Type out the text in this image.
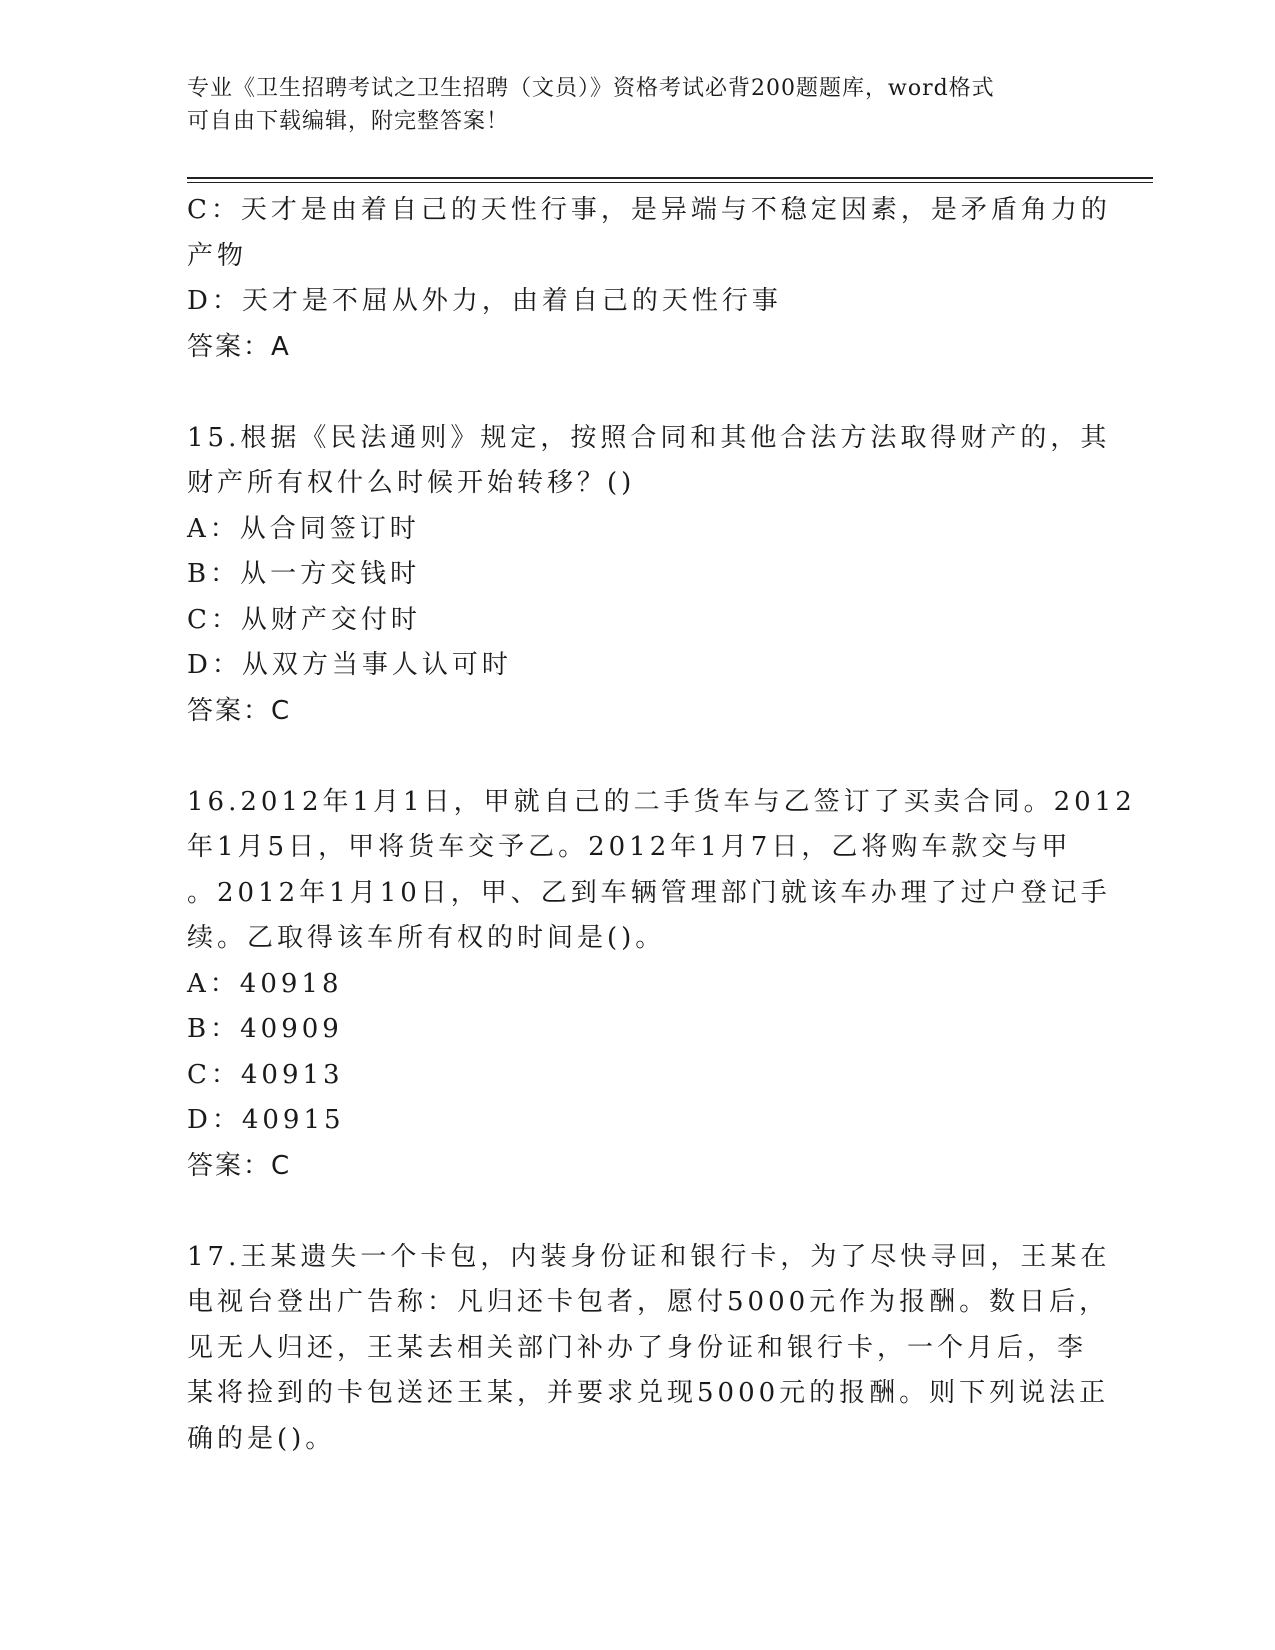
专业《卫生招聘考试之卫生招聘（文员）》资格考试必背200题题库，word格式
可自由下载编辑，附完整答案！
C：天才是由着自己的天性行事，是异端与不稳定因素，是矛盾角力的
产物
D：天才是不屈从外力，由着自己的天性行事
答案：A
15.根据《民法通则》规定，按照合同和其他合法方法取得财产的，其
财产所有权什么时候开始转移？()
A：从合同签订时
B：从一方交钱时
C：从财产交付时
D：从双方当事人认可时
答案：C
16.2012年1月1日，甲就自己的二手货车与乙签订了买卖合同。2012
年1月5日，甲将货车交予乙。2012年1月7日，乙将购车款交与甲
。2012年1月10日，甲、乙到车辆管理部门就该车办理了过户登记手
续。乙取得该车所有权的时间是()。
A：40918
B：40909
C：40913
D：40915
答案：C
17.王某遗失一个卡包，内装身份证和银行卡，为了尽快寻回，王某在
电视台登出广告称：凡归还卡包者，愿付5000元作为报酬。数日后，
见无人归还，王某去相关部门补办了身份证和银行卡，一个月后，李
某将捡到的卡包送还王某，并要求兑现5000元的报酬。则下列说法正
确的是()。
